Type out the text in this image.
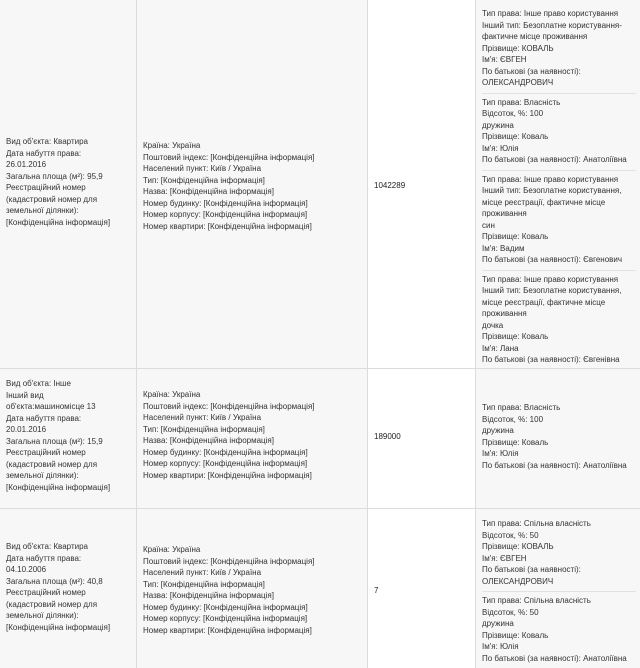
Вид об'єкта: Квартира
Дата набуття права:
26.01.2016
Загальна площа (м²): 95,9
Реєстраційний номер
(кадастровий номер для
земельної ділянки):
[Конфіденційна інформація]
Країна: Україна
Поштовий індекс: [Конфіденційна інформація]
Населений пункт: Київ / Україна
Тип: [Конфіденційна інформація]
Назва: [Конфіденційна інформація]
Номер будинку: [Конфіденційна інформація]
Номер корпусу: [Конфіденційна інформація]
Номер квартири: [Конфіденційна інформація]
1042289
Тип права: Інше право користування
Інший тип: Безоплатне користування-
фактичне місце проживання
Прізвище: КОВАЛЬ
Ім'я: ЄВГЕН
По батькові (за наявності):
ОЛЕКСАНДРОВИЧ
Тип права: Власність
Відсоток, %: 100
дружина
Прізвище: Коваль
Ім'я: Юлія
По батькові (за наявності): Анатоліївна
Тип права: Інше право користування
Інший тип: Безоплатне користування,
місце реєстрації, фактичне місце
проживання
син
Прізвище: Коваль
Ім'я: Вадим
По батькові (за наявності): Євгенович
Тип права: Інше право користування
Інший тип: Безоплатне користування,
місце реєстрації, фактичне місце
проживання
дочка
Прізвище: Коваль
Ім'я: Лана
По батькові (за наявності): Євгенівна
Вид об'єкта: Інше
Інший вид
об'єкта:машиномісце 13
Дата набуття права:
20.01.2016
Загальна площа (м²): 15,9
Реєстраційний номер
(кадастровий номер для
земельної ділянки):
[Конфіденційна інформація]
Країна: Україна
Поштовий індекс: [Конфіденційна інформація]
Населений пункт: Київ / Україна
Тип: [Конфіденційна інформація]
Назва: [Конфіденційна інформація]
Номер будинку: [Конфіденційна інформація]
Номер корпусу: [Конфіденційна інформація]
Номер квартири: [Конфіденційна інформація]
189000
Тип права: Власність
Відсоток, %: 100
дружина
Прізвище: Коваль
Ім'я: Юлія
По батькові (за наявності): Анатоліївна
Вид об'єкта: Квартира
Дата набуття права:
04.10.2006
Загальна площа (м²): 40,8
Реєстраційний номер
(кадастровий номер для
земельної ділянки):
[Конфіденційна інформація]
Країна: Україна
Поштовий індекс: [Конфіденційна інформація]
Населений пункт: Київ / Україна
Тип: [Конфіденційна інформація]
Назва: [Конфіденційна інформація]
Номер будинку: [Конфіденційна інформація]
Номер корпусу: [Конфіденційна інформація]
Номер квартири: [Конфіденційна інформація]
7
Тип права: Спільна власність
Відсоток, %: 50
Прізвище: КОВАЛЬ
Ім'я: ЄВГЕН
По батькові (за наявності):
ОЛЕКСАНДРОВИЧ
Тип права: Спільна власність
Відсоток, %: 50
дружина
Прізвище: Коваль
Ім'я: Юлія
По батькові (за наявності): Анатоліївна
